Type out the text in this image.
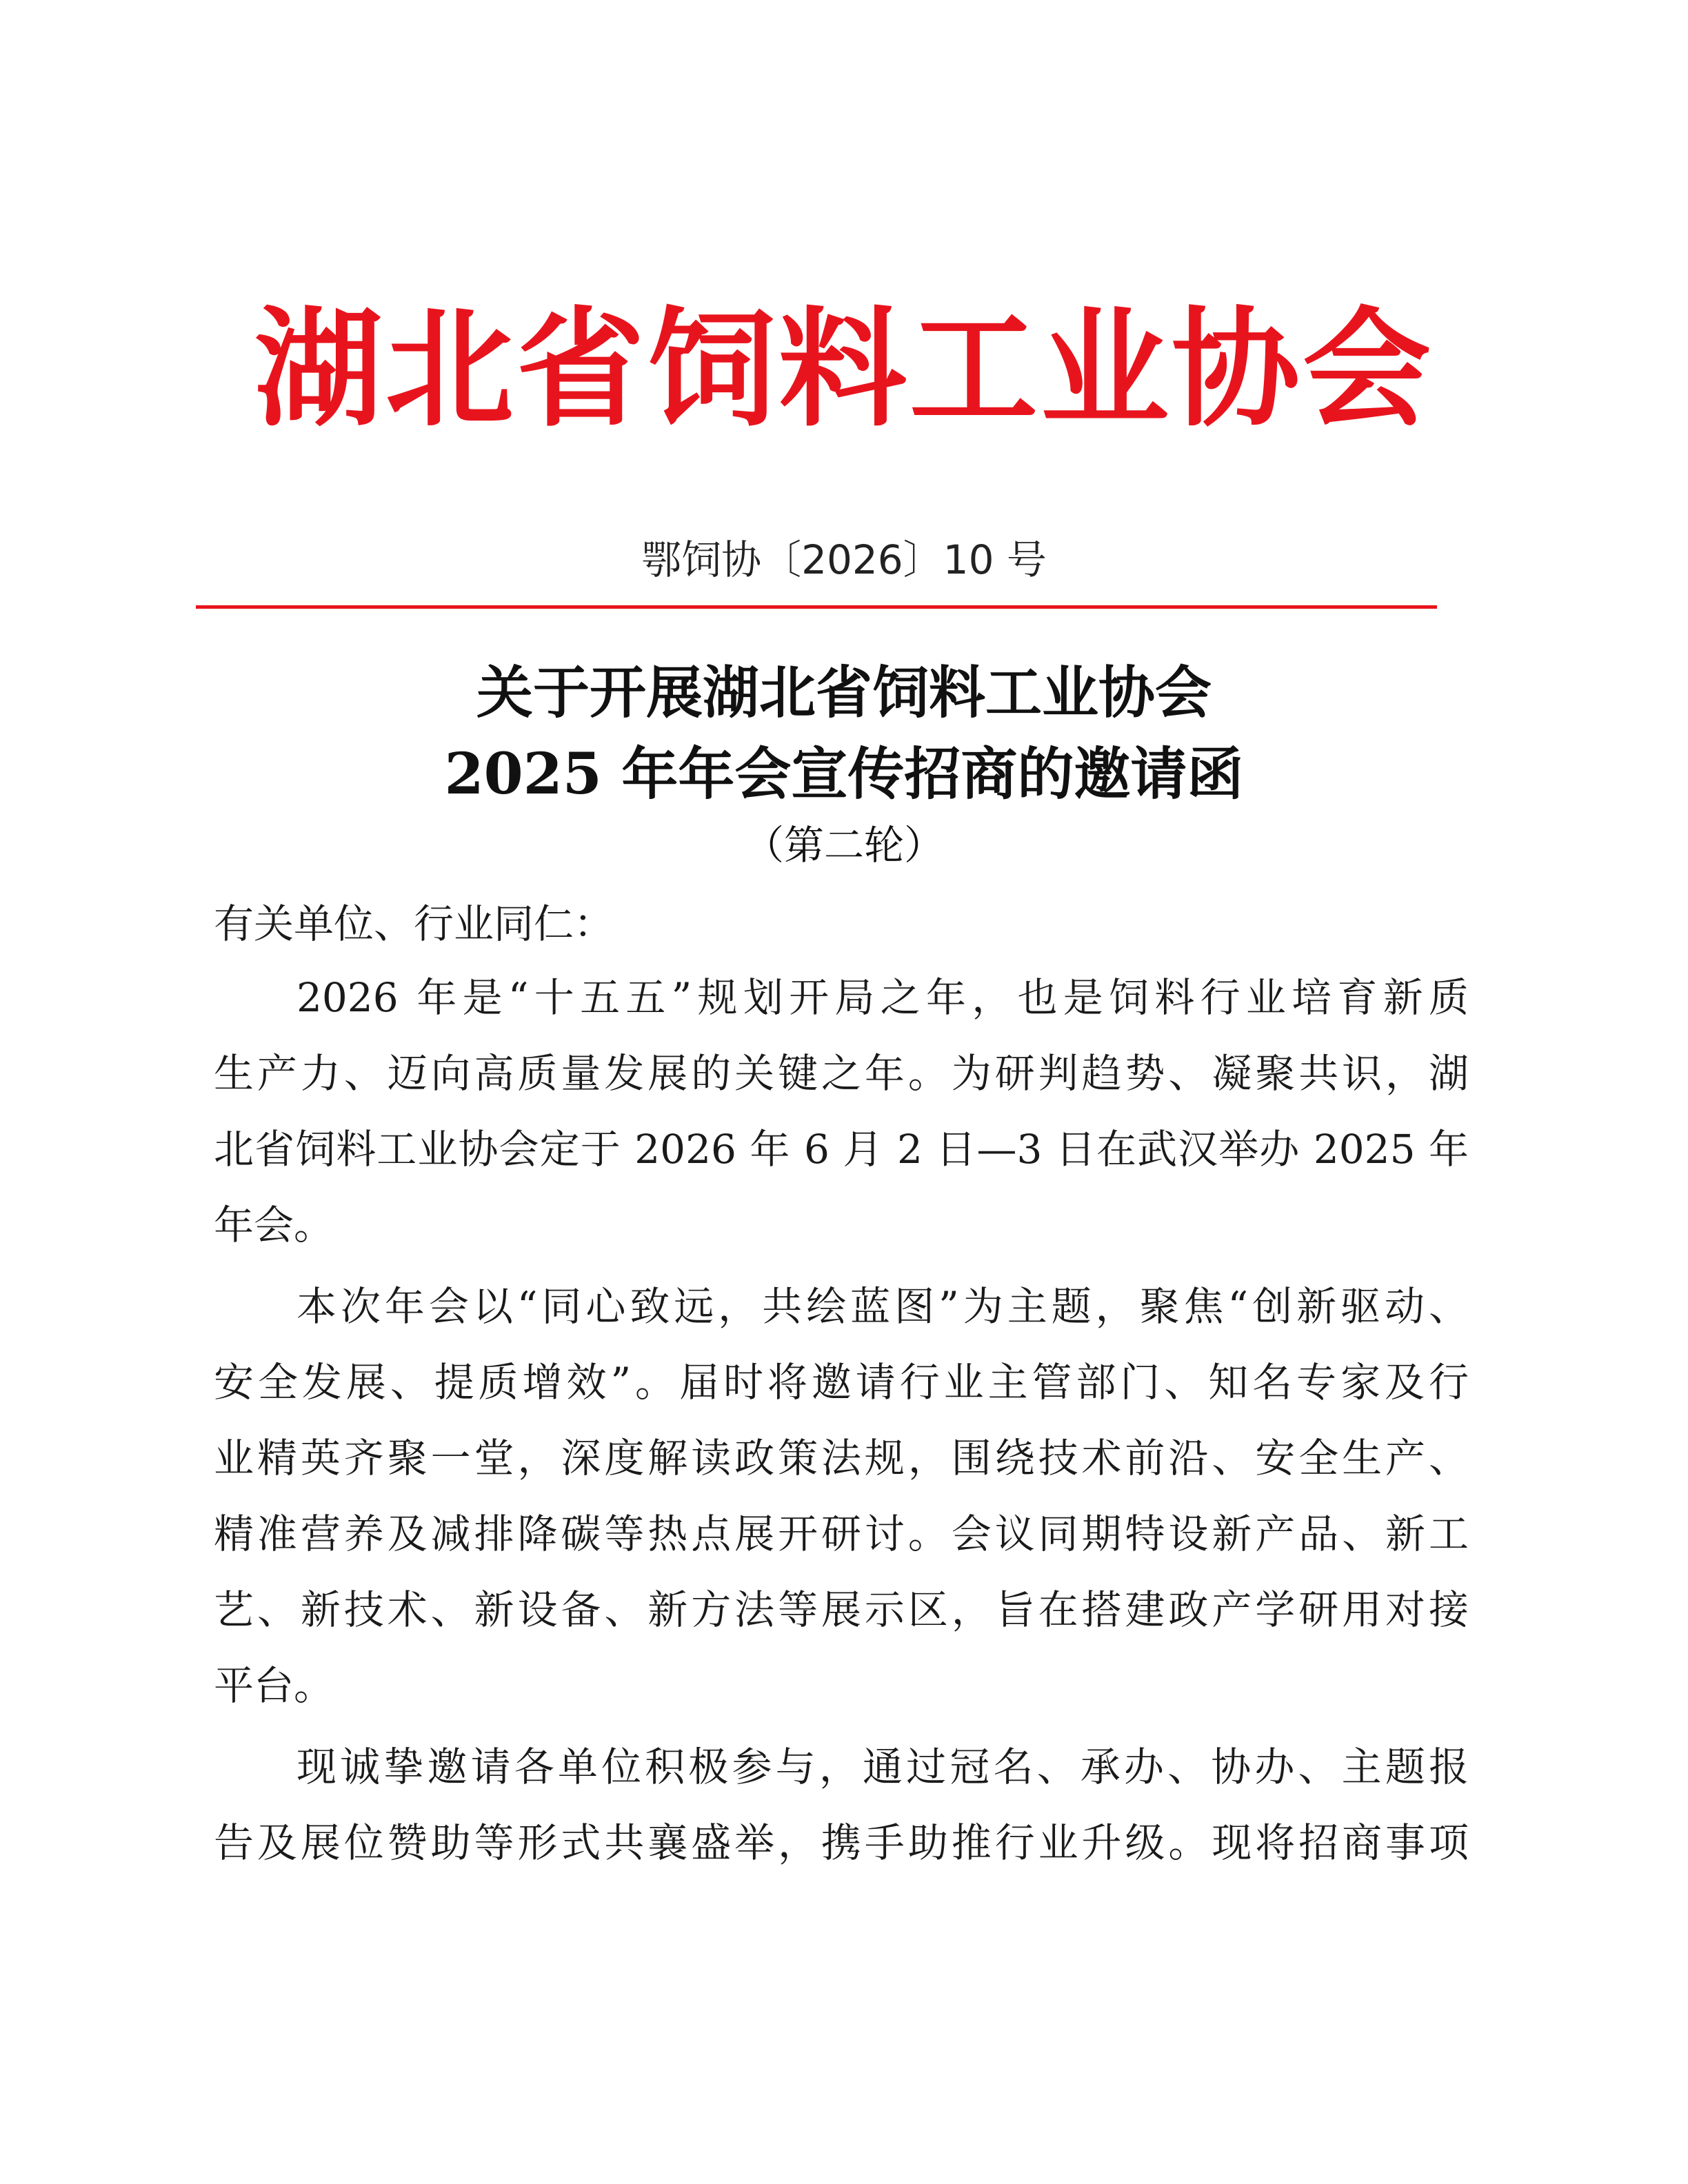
湖北省饲料工业协会
鄂饲协〔2026〕10 号
关于开展湖北省饲料工业协会
2025 年年会宣传招商的邀请函
（第二轮）
有关单位、行业同仁：
2026 年是“十五五”规划开局之年，也是饲料行业培育新质
生产力、迈向高质量发展的关键之年。为研判趋势、凝聚共识，湖
北省饲料工业协会定于 2026 年 6 月 2 日—3 日在武汉举办 2025 年
年会。
本次年会以“同心致远，共绘蓝图”为主题，聚焦“创新驱动、
安全发展、提质增效”。届时将邀请行业主管部门、知名专家及行
业精英齐聚一堂，深度解读政策法规，围绕技术前沿、安全生产、
精准营养及减排降碳等热点展开研讨。会议同期特设新产品、新工
艺、新技术、新设备、新方法等展示区，旨在搭建政产学研用对接
平台。
现诚挚邀请各单位积极参与，通过冠名、承办、协办、主题报
告及展位赞助等形式共襄盛举，携手助推行业升级。现将招商事项
